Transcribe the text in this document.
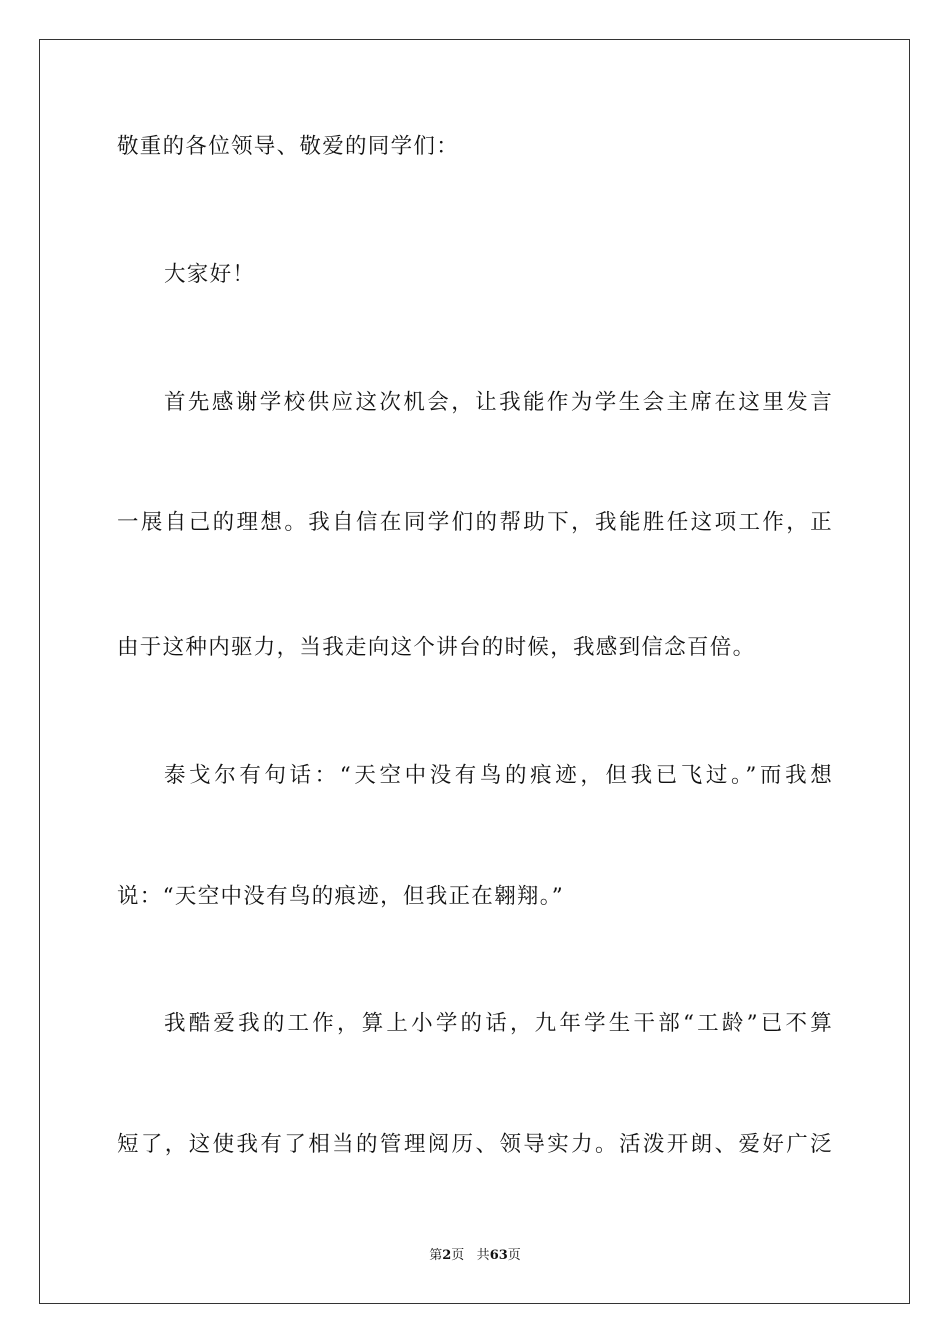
敬重的各位领导、敬爱的同学们：
大家好！
首先感谢学校供应这次机会，让我能作为学生会主席在这里发言
一展自己的理想。我自信在同学们的帮助下，我能胜任这项工作，正
由于这种内驱力，当我走向这个讲台的时候，我感到信念百倍。
泰戈尔有句话：“天空中没有鸟的痕迹，但我已飞过。”而我想
说：“天空中没有鸟的痕迹，但我正在翱翔。”
我酷爱我的工作，算上小学的话，九年学生干部“工龄”已不算
短了，这使我有了相当的管理阅历、领导实力。活泼开朗、爱好广泛
第2页 共63页
